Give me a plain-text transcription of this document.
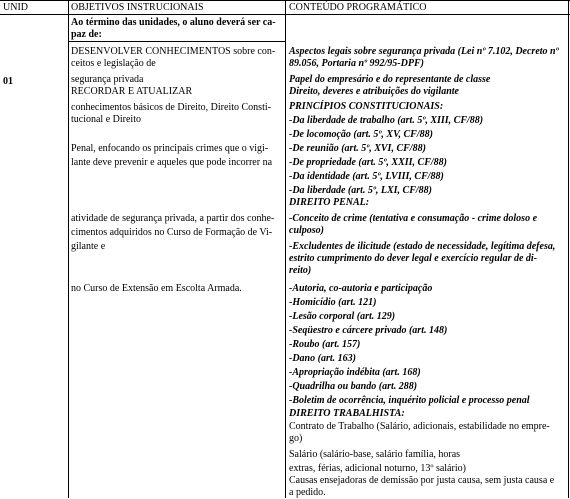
UNID	OBJETIVOS INSTRUCIONAIS	CONTEÚDO PROGRAMÁTICO
Ao término das unidades, o aluno deverá ser ca-
paz de:
01
DESENVOLVER CONHECIMENTOS sobre con-
ceitos e legislação de
segurança privada
RECORDAR E ATUALIZAR
conhecimentos básicos de Direito, Direito Consti-
tucional e Direito
Penal, enfocando os principais crimes que o vigi-
lante deve prevenir e aqueles que pode incorrer na
atividade de segurança privada, a partir dos conhe-
cimentos adquiridos no Curso de Formação de Vi-
gilante e
no Curso de Extensão em Escolta Armada.
Aspectos legais sobre segurança privada (Lei nº 7.102, Decreto nº
89.056, Portaria nº 992/95-DPF)
Papel do empresário e do representante de classe
Direito, deveres e atribuições do vigilante
PRINCÍPIOS CONSTITUCIONAIS:
-Da liberdade de trabalho (art. 5º, XIII, CF/88)
-De locomoção (art. 5º, XV, CF/88)
-De reunião (art. 5º, XVI, CF/88)
-De propriedade (art. 5º, XXII, CF/88)
-Da identidade (art. 5º, LVIII, CF/88)
-Da liberdade (art. 5º, LXI, CF/88)
DIREITO PENAL:
-Conceito de crime (tentativa e consumação - crime doloso e
culposo)
-Excludentes de ilicitude (estado de necessidade, legítima defesa,
estrito cumprimento do dever legal e exercício regular de di-
reito)
-Autoria, co-autoria e participação
-Homicídio (art. 121)
-Lesão corporal (art. 129)
-Seqüestro e cárcere privado (art. 148)
-Roubo (art. 157)
-Dano (art. 163)
-Apropriação indébita (art. 168)
-Quadrilha ou bando (art. 288)
-Boletim de ocorrência, inquérito policial e processo penal
DIREITO TRABALHISTA:
Contrato de Trabalho (Salário, adicionais, estabilidade no empre-
go)
Salário (salário-base, salário família, horas
extras, férias, adicional noturno, 13º salário)
Causas ensejadoras de demissão por justa causa, sem justa causa e
a pedido.
